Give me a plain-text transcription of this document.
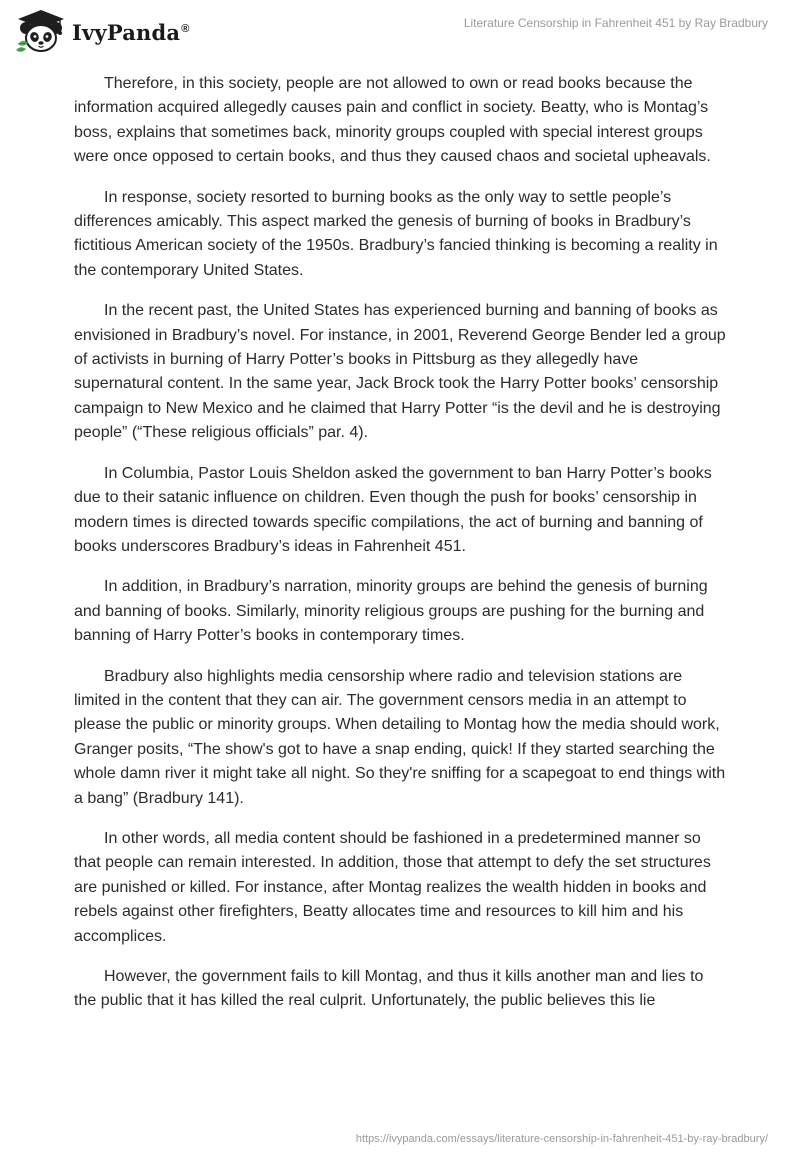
IvyPanda®	Literature Censorship in Fahrenheit 451 by Ray Bradbury

Therefore, in this society, people are not allowed to own or read books because the information acquired allegedly causes pain and conflict in society. Beatty, who is Montag’s boss, explains that sometimes back, minority groups coupled with special interest groups were once opposed to certain books, and thus they caused chaos and societal upheavals.

In response, society resorted to burning books as the only way to settle people’s differences amicably. This aspect marked the genesis of burning of books in Bradbury’s fictitious American society of the 1950s. Bradbury’s fancied thinking is becoming a reality in the contemporary United States.

In the recent past, the United States has experienced burning and banning of books as envisioned in Bradbury’s novel. For instance, in 2001, Reverend George Bender led a group of activists in burning of Harry Potter’s books in Pittsburg as they allegedly have supernatural content. In the same year, Jack Brock took the Harry Potter books’ censorship campaign to New Mexico and he claimed that Harry Potter “is the devil and he is destroying people” (“These religious officials” par. 4).

In Columbia, Pastor Louis Sheldon asked the government to ban Harry Potter’s books due to their satanic influence on children. Even though the push for books’ censorship in modern times is directed towards specific compilations, the act of burning and banning of books underscores Bradbury’s ideas in Fahrenheit 451.

In addition, in Bradbury’s narration, minority groups are behind the genesis of burning and banning of books. Similarly, minority religious groups are pushing for the burning and banning of Harry Potter’s books in contemporary times.

Bradbury also highlights media censorship where radio and television stations are limited in the content that they can air. The government censors media in an attempt to please the public or minority groups. When detailing to Montag how the media should work, Granger posits, “The show's got to have a snap ending, quick! If they started searching the whole damn river it might take all night. So they're sniffing for a scapegoat to end things with a bang” (Bradbury 141).

In other words, all media content should be fashioned in a predetermined manner so that people can remain interested. In addition, those that attempt to defy the set structures are punished or killed. For instance, after Montag realizes the wealth hidden in books and rebels against other firefighters, Beatty allocates time and resources to kill him and his accomplices.

However, the government fails to kill Montag, and thus it kills another man and lies to the public that it has killed the real culprit. Unfortunately, the public believes this lie

https://ivypanda.com/essays/literature-censorship-in-fahrenheit-451-by-ray-bradbury/
